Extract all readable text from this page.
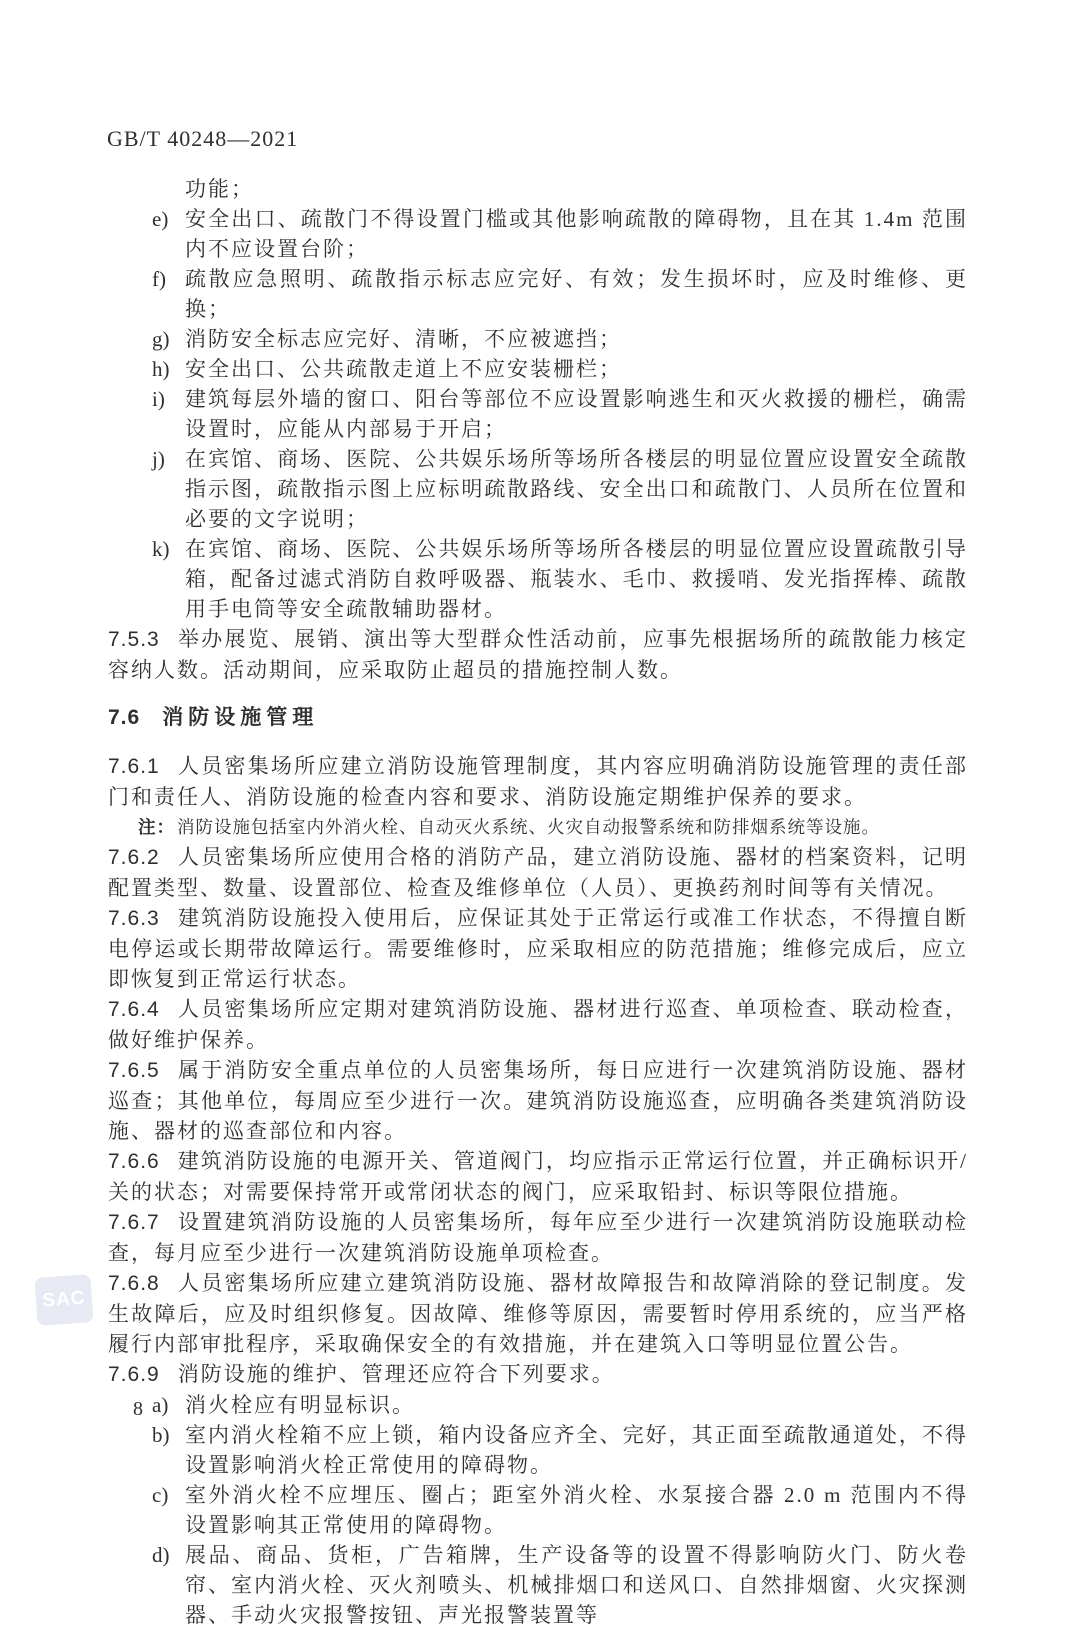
GB/T 40248—2021

功能；

e) 安全出口、疏散门不得设置门槛或其他影响疏散的障碍物，且在其 1.4m 范围内不应设置台阶；
f) 疏散应急照明、疏散指示标志应完好、有效；发生损坏时，应及时维修、更换；
g) 消防安全标志应完好、清晰，不应被遮挡；
h) 安全出口、公共疏散走道上不应安装栅栏；
i) 建筑每层外墙的窗口、阳台等部位不应设置影响逃生和灭火救援的栅栏，确需设置时，应能从内部易于开启；
j) 在宾馆、商场、医院、公共娱乐场所等场所各楼层的明显位置应设置安全疏散指示图，疏散指示图上应标明疏散路线、安全出口和疏散门、人员所在位置和必要的文字说明；
k) 在宾馆、商场、医院、公共娱乐场所等场所各楼层的明显位置应设置疏散引导箱，配备过滤式消防自救呼吸器、瓶装水、毛巾、救援哨、发光指挥棒、疏散用手电筒等安全疏散辅助器材。

7.5.3 举办展览、展销、演出等大型群众性活动前，应事先根据场所的疏散能力核定容纳人数。活动期间，应采取防止超员的措施控制人数。

7.6 消防设施管理

7.6.1 人员密集场所应建立消防设施管理制度，其内容应明确消防设施管理的责任部门和责任人、消防设施的检查内容和要求、消防设施定期维护保养的要求。

注： 消防设施包括室内外消火栓、自动灭火系统、火灾自动报警系统和防排烟系统等设施。

7.6.2 人员密集场所应使用合格的消防产品，建立消防设施、器材的档案资料，记明配置类型、数量、设置部位、检查及维修单位（人员）、更换药剂时间等有关情况。

7.6.3 建筑消防设施投入使用后，应保证其处于正常运行或准工作状态，不得擅自断电停运或长期带故障运行。需要维修时，应采取相应的防范措施；维修完成后，应立即恢复到正常运行状态。

7.6.4 人员密集场所应定期对建筑消防设施、器材进行巡查、单项检查、联动检查，做好维护保养。

7.6.5 属于消防安全重点单位的人员密集场所，每日应进行一次建筑消防设施、器材巡查；其他单位，每周应至少进行一次。建筑消防设施巡查，应明确各类建筑消防设施、器材的巡查部位和内容。

7.6.6 建筑消防设施的电源开关、管道阀门，均应指示正常运行位置，并正确标识开/关的状态；对需要保持常开或常闭状态的阀门，应采取铅封、标识等限位措施。

7.6.7 设置建筑消防设施的人员密集场所，每年应至少进行一次建筑消防设施联动检查，每月应至少进行一次建筑消防设施单项检查。

7.6.8 人员密集场所应建立建筑消防设施、器材故障报告和故障消除的登记制度。发生故障后，应及时组织修复。因故障、维修等原因，需要暂时停用系统的，应当严格履行内部审批程序，采取确保安全的有效措施，并在建筑入口等明显位置公告。

7.6.9 消防设施的维护、管理还应符合下列要求。

a) 消火栓应有明显标识。
b) 室内消火栓箱不应上锁，箱内设备应齐全、完好，其正面至疏散通道处，不得设置影响消火栓正常使用的障碍物。
c) 室外消火栓不应埋压、圈占；距室外消火栓、水泵接合器 2.0 m 范围内不得设置影响其正常使用的障碍物。
d) 展品、商品、货柜，广告箱牌，生产设备等的设置不得影响防火门、防火卷帘、室内消火栓、灭火剂喷头、机械排烟口和送风口、自然排烟窗、火灾探测器、手动火灾报警按钮、声光报警装置等
SAC
8
